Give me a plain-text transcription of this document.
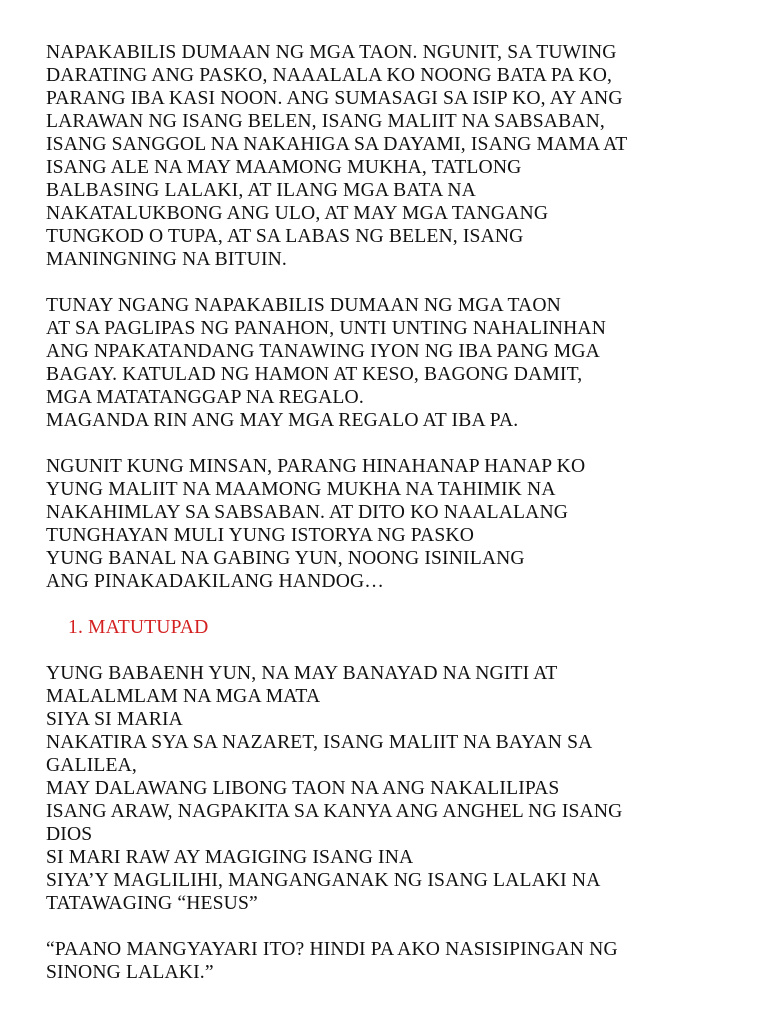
NAPAKABILIS DUMAAN NG MGA TAON. NGUNIT, SA TUWING
DARATING ANG PASKO, NAAALALA KO NOONG BATA PA KO,
PARANG IBA KASI NOON. ANG SUMASAGI SA ISIP KO, AY ANG
LARAWAN NG ISANG BELEN, ISANG MALIIT NA SABSABAN,
ISANG SANGGOL NA NAKAHIGA SA DAYAMI, ISANG MAMA AT
ISANG ALE NA MAY MAAMONG MUKHA, TATLONG
BALBASING LALAKI, AT ILANG MGA BATA NA
NAKATALUKBONG ANG ULO, AT MAY MGA TANGANG
TUNGKOD O TUPA, AT SA LABAS NG BELEN, ISANG
MANINGNING NA BITUIN.
TUNAY NGANG NAPAKABILIS DUMAAN NG MGA TAON
AT SA PAGLIPAS NG PANAHON, UNTI UNTING NAHALINHAN
ANG NPAKATANDANG TANAWING IYON NG IBA PANG MGA
BAGAY. KATULAD NG HAMON AT KESO, BAGONG DAMIT,
MGA MATATANGGAP NA REGALO.
MAGANDA RIN ANG MAY MGA REGALO AT IBA PA.
NGUNIT KUNG MINSAN, PARANG HINAHANAP HANAP KO
YUNG MALIIT NA MAAMONG MUKHA NA TAHIMIK NA
NAKAHIMLAY SA SABSABAN. AT DITO KO NAALALANG
TUNGHAYAN MULI YUNG ISTORYA NG PASKO
YUNG BANAL NA GABING YUN, NOONG ISINILANG
ANG PINAKADAKILANG HANDOG…
1. MATUTUPAD
YUNG BABAENH YUN, NA MAY BANAYAD NA NGITI AT
MALALMLAM NA MGA MATA
SIYA SI MARIA
NAKATIRA SYA SA NAZARET, ISANG MALIIT NA BAYAN SA
GALILEA,
MAY DALAWANG LIBONG TAON NA ANG NAKALILIPAS
ISANG ARAW, NAGPAKITA SA KANYA ANG ANGHEL NG ISANG
DIOS
SI MARI RAW AY MAGIGING ISANG INA
SIYA’Y MAGLILIHI, MANGANGANAK NG ISANG LALAKI NA
TATAWAGING “HESUS”
“PAANO MANGYAYARI ITO? HINDI PA AKO NASISIPINGAN NG
SINONG LALAKI.”
